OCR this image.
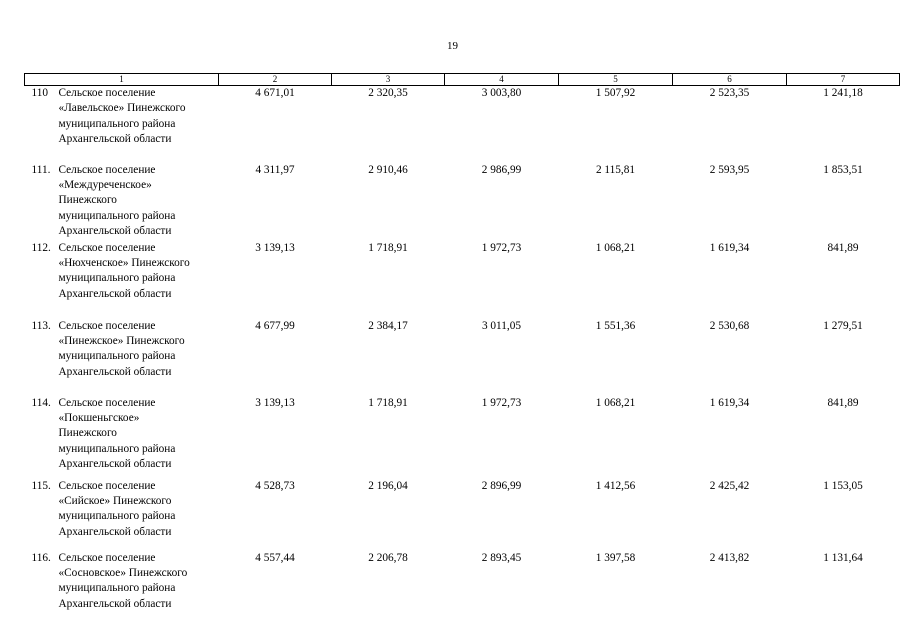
19
1	2	3	4	5	6	7
110 Сельское поселение
«Лавельское» Пинежского
муниципального района
Архангельской области	4 671,01	2 320,35	3 003,80	1 507,92	2 523,35	1 241,18
111. Сельское поселение
«Междуреченское»
Пинежского
муниципального района
Архангельской области	4 311,97	2 910,46	2 986,99	2 115,81	2 593,95	1 853,51
112. Сельское поселение
«Нюхченское» Пинежского
муниципального района
Архангельской области	3 139,13	1 718,91	1 972,73	1 068,21	1 619,34	841,89
113. Сельское поселение
«Пинежское» Пинежского
муниципального района
Архангельской области	4 677,99	2 384,17	3 011,05	1 551,36	2 530,68	1 279,51
114. Сельское поселение
«Покшеньгское»
Пинежского
муниципального района
Архангельской области	3 139,13	1 718,91	1 972,73	1 068,21	1 619,34	841,89
115. Сельское поселение
«Сийское» Пинежского
муниципального района
Архангельской области	4 528,73	2 196,04	2 896,99	1 412,56	2 425,42	1 153,05
116. Сельское поселение
«Сосновское» Пинежского
муниципального района
Архангельской области	4 557,44	2 206,78	2 893,45	1 397,58	2 413,82	1 131,64
